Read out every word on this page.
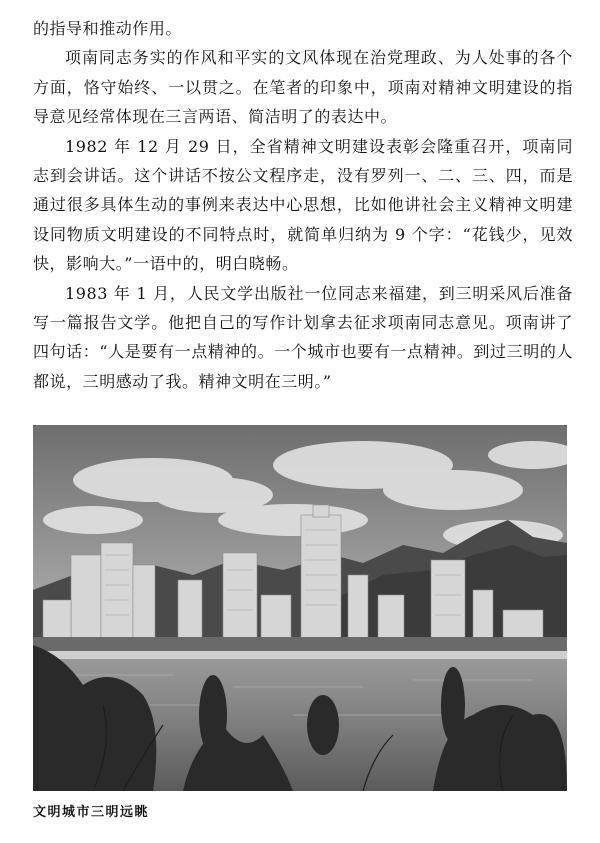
的指导和推动作用。

项南同志务实的作风和平实的文风体现在治党理政、为人处事的各个方面，恪守始终、一以贯之。在笔者的印象中，项南对精神文明建设的指导意见经常体现在三言两语、简洁明了的表达中。

1982 年 12 月 29 日，全省精神文明建设表彰会隆重召开，项南同志到会讲话。这个讲话不按公文程序走，没有罗列一、二、三、四，而是通过很多具体生动的事例来表达中心思想，比如他讲社会主义精神文明建设同物质文明建设的不同特点时，就简单归纳为 9 个字：“花钱少，见效快，影响大。”一语中的，明白晓畅。

1983 年 1 月，人民文学出版社一位同志来福建，到三明采风后准备写一篇报告文学。他把自己的写作计划拿去征求项南同志意见。项南讲了四句话：“人是要有一点精神的。一个城市也要有一点精神。到过三明的人都说，三明感动了我。精神文明在三明。”

文明城市三明远眺
